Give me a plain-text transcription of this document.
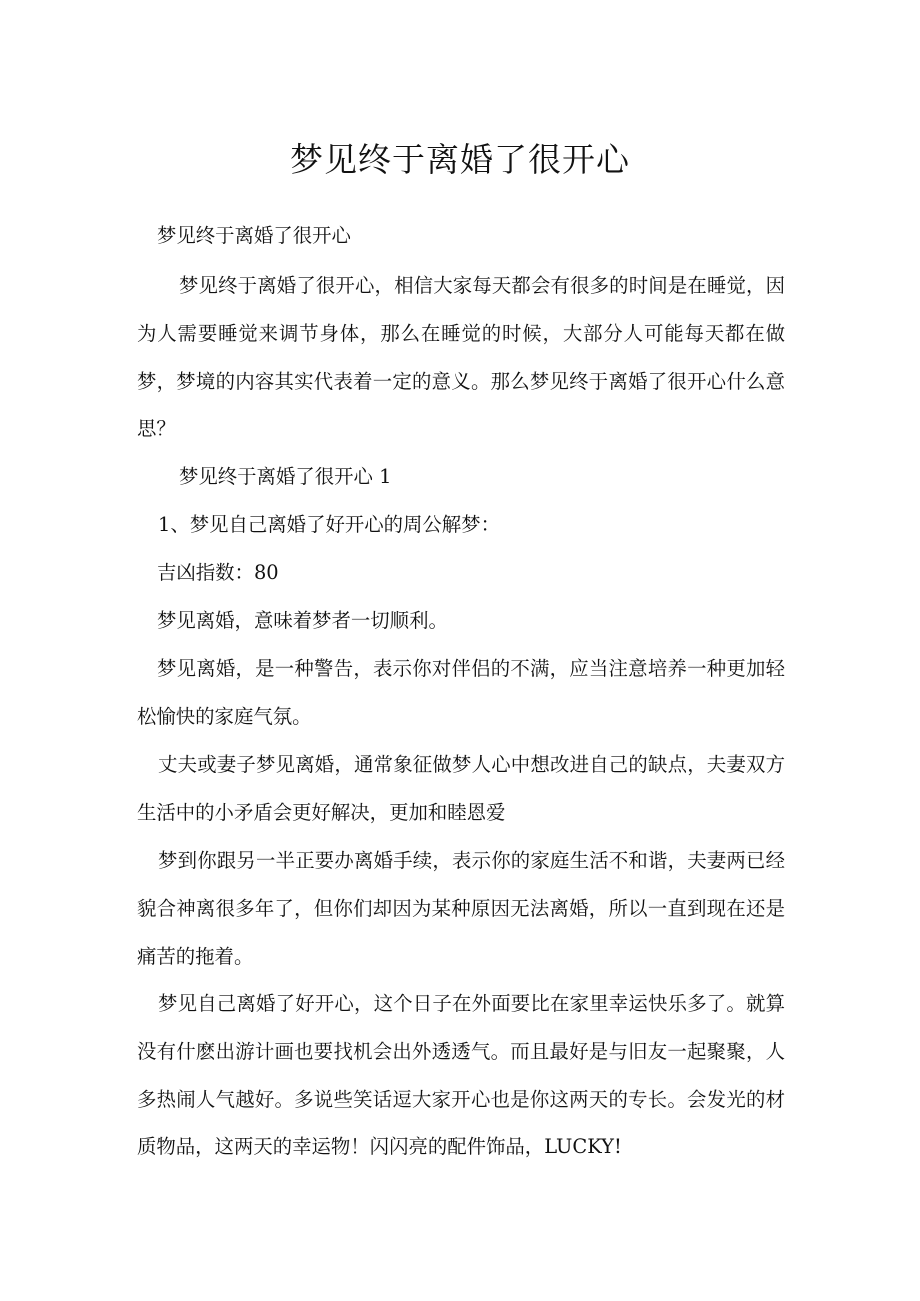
梦见终于离婚了很开心

梦见终于离婚了很开心

梦见终于离婚了很开心，相信大家每天都会有很多的时间是在睡觉，因为人需要睡觉来调节身体，那么在睡觉的时候，大部分人可能每天都在做梦，梦境的内容其实代表着一定的意义。那么梦见终于离婚了很开心什么意思？

梦见终于离婚了很开心 1

1、梦见自己离婚了好开心的周公解梦：

吉凶指数：80

梦见离婚，意味着梦者一切顺利。

梦见离婚，是一种警告，表示你对伴侣的不满，应当注意培养一种更加轻松愉快的家庭气氛。

丈夫或妻子梦见离婚，通常象征做梦人心中想改进自己的缺点，夫妻双方生活中的小矛盾会更好解决，更加和睦恩爱

梦到你跟另一半正要办离婚手续，表示你的家庭生活不和谐，夫妻两已经貌合神离很多年了，但你们却因为某种原因无法离婚，所以一直到现在还是痛苦的拖着。

梦见自己离婚了好开心，这个日子在外面要比在家里幸运快乐多了。就算没有什麽出游计画也要找机会出外透透气。而且最好是与旧友一起聚聚，人多热闹人气越好。多说些笑话逗大家开心也是你这两天的专长。会发光的材质物品，这两天的幸运物！闪闪亮的配件饰品，LUCKY!
